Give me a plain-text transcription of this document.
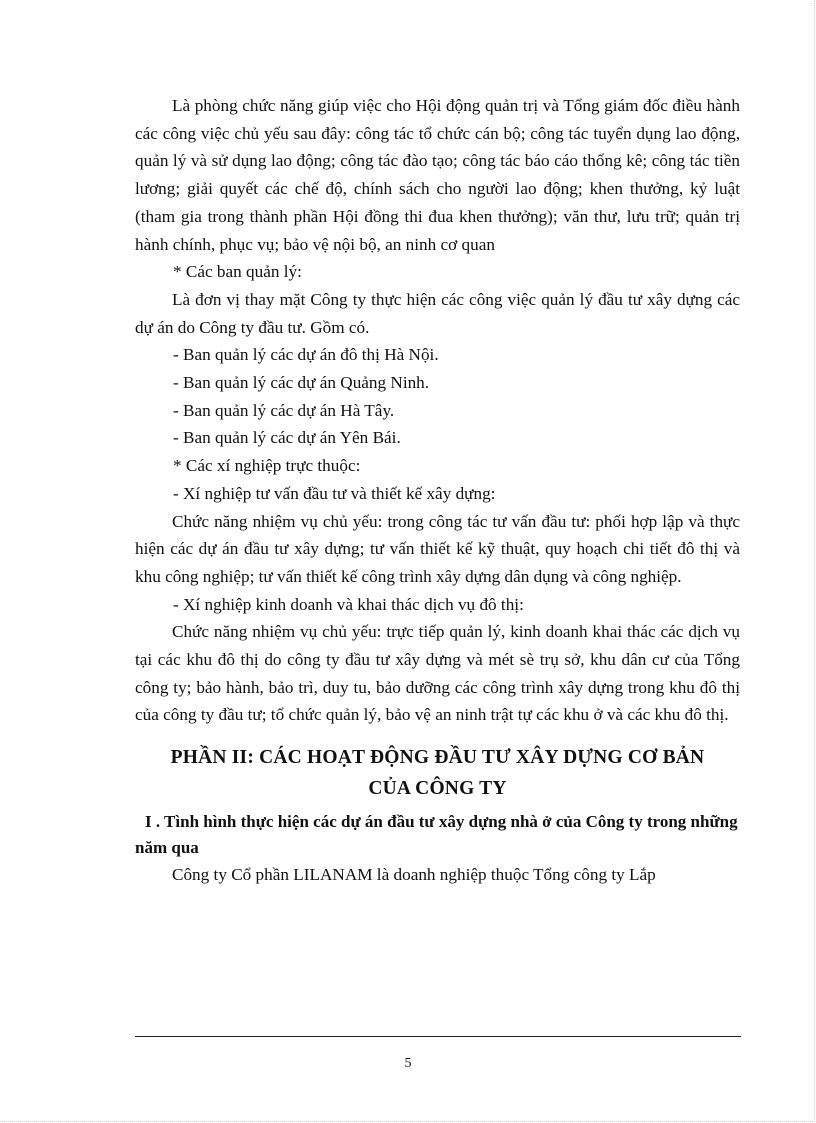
Là phòng chức năng giúp việc cho Hội động quản trị và Tổng giám đốc điều hành các công việc chủ yếu sau đây: công tác tổ chức cán bộ; công tác tuyển dụng lao động, quản lý và sử dụng lao động; công tác đào tạo; công tác báo cáo thống kê; công tác tiền lương; giải quyết các chế độ, chính sách cho người lao động; khen thưởng, kỷ luật (tham gia trong thành phần Hội đồng thi đua khen thưởng); văn thư, lưu trữ; quản trị hành chính, phục vụ; bảo vệ nội bộ, an ninh cơ quan

* Các ban quản lý:

Là đơn vị thay mặt Công ty thực hiện các công việc quản lý đầu tư xây dựng các dự án do Công ty đầu tư. Gồm có.

- Ban quản lý các dự án đô thị Hà Nội.

- Ban quản lý các dự án Quảng Ninh.

- Ban quản lý các dự án Hà Tây.

- Ban quản lý các dự án Yên Bái.

* Các xí nghiệp trực thuộc:

- Xí nghiệp tư vấn đầu tư và thiết kế xây dựng:

Chức năng nhiệm vụ chủ yếu: trong công tác tư vấn đầu tư: phối hợp lập và thực hiện các dự án đầu tư xây dựng; tư vấn thiết kế kỹ thuật, quy hoạch chi tiết đô thị và khu công nghiệp; tư vấn thiết kế công trình xây dựng dân dụng và công nghiệp.

- Xí nghiệp kinh doanh và khai thác dịch vụ đô thị:

Chức năng nhiệm vụ chủ yếu: trực tiếp quản lý, kinh doanh khai thác các dịch vụ tại các khu đô thị do công ty đầu tư xây dựng và mét sè trụ sở, khu dân cư của Tổng công ty; bảo hành, bảo trì, duy tu, bảo dưỡng các công trình xây dựng trong khu đô thị của công ty đầu tư; tổ chức quản lý, bảo vệ an ninh trật tự các khu ở và các khu đô thị.

PHẦN II: CÁC HOẠT ĐỘNG ĐẦU TƯ XÂY DỰNG CƠ BẢN
CỦA CÔNG TY

I . Tình hình thực hiện các dự án đầu tư xây dựng nhà ở của Công ty trong những năm qua

Công ty Cổ phần LILANAM là doanh nghiệp thuộc Tổng công ty Lắp

5
